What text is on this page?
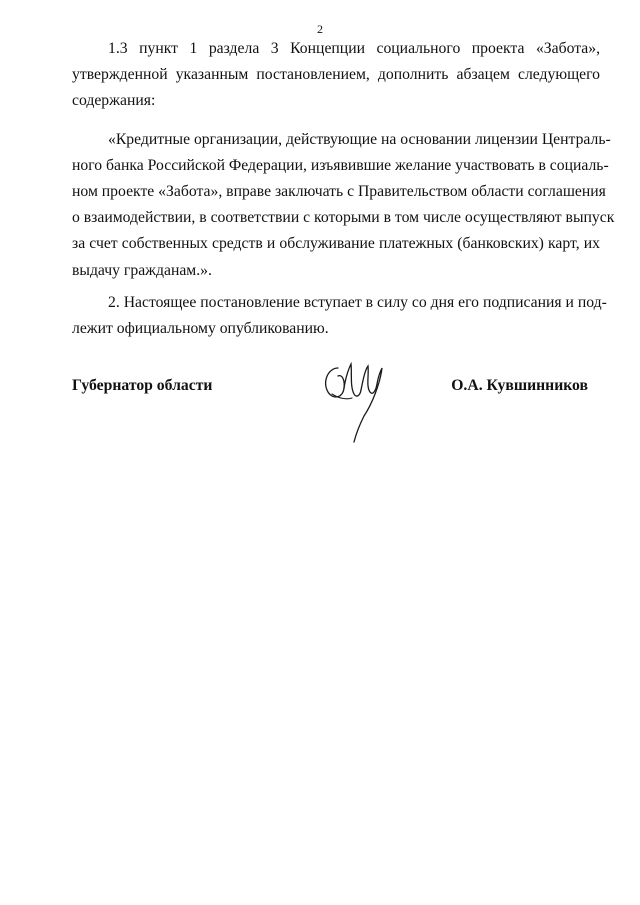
2
1.3 пункт 1 раздела 3 Концепции социального проекта «Забота»,
утвержденной указанным постановлением, дополнить абзацем следующего
содержания:
«Кредитные организации, действующие на основании лицензии Централь-
ного банка Российской Федерации, изъявившие желание участвовать в социаль-
ном проекте «Забота», вправе заключать с Правительством области соглашения
о взаимодействии, в соответствии с которыми в том числе осуществляют выпуск
за счет собственных средств и обслуживание платежных (банковских) карт, их
выдачу гражданам.».
2. Настоящее постановление вступает в силу со дня его подписания и под-
лежит официальному опубликованию.
Губернатор области	О.А. Кувшинников
